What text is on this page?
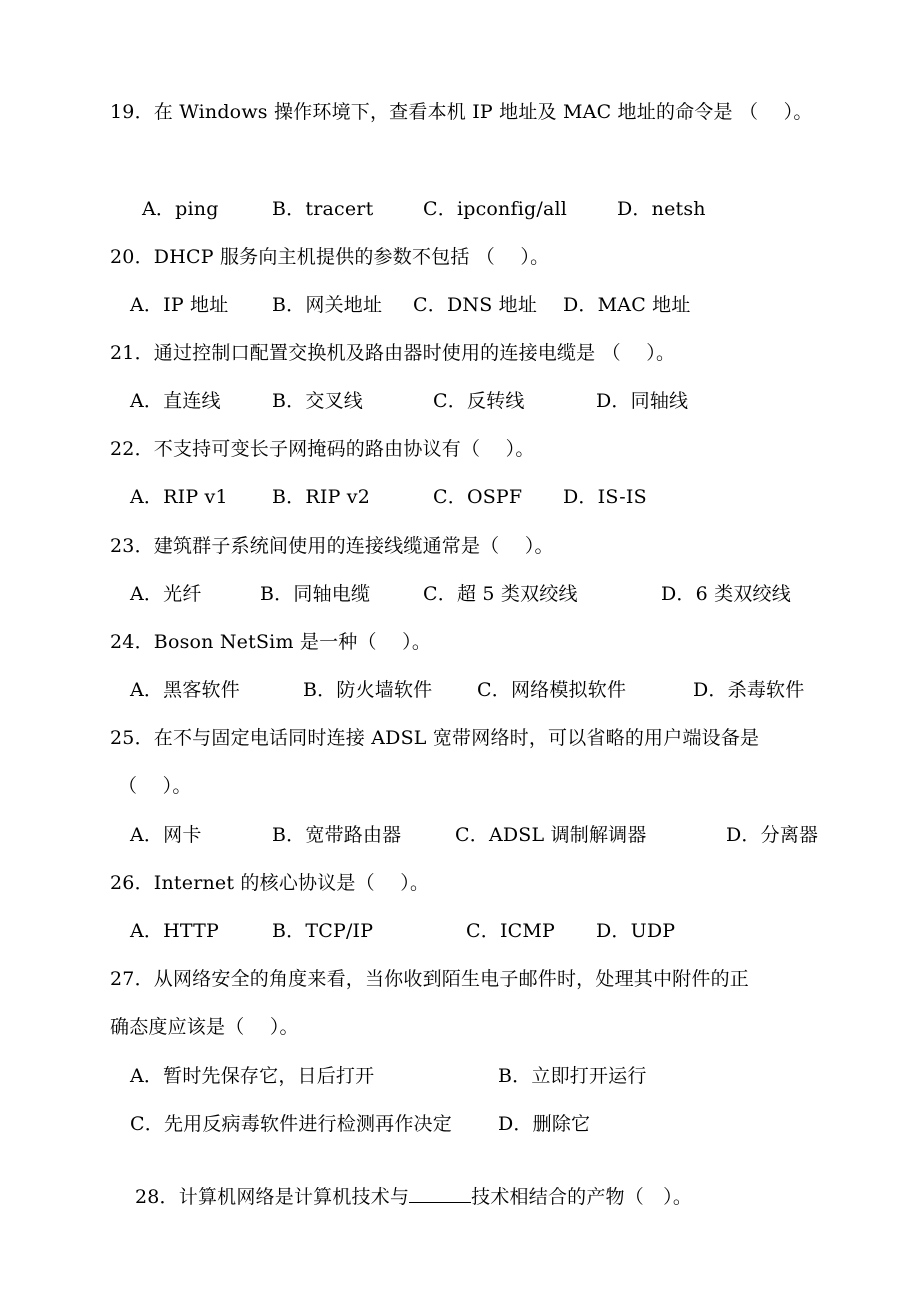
19．在 Windows 操作环境下，查看本机 IP 地址及 MAC 地址的命令是 （　 ）。
A．ping	B．tracert	C．ipconfig/all	D．netsh
20．DHCP 服务向主机提供的参数不包括 （　 ）。
A．IP 地址 B．网关地址 C．DNS 地址 D．MAC 地址
21．通过控制口配置交换机及路由器时使用的连接电缆是 （　 ）。
A．直连线	B．交叉线	C．反转线	D．同轴线
22．不支持可变长子网掩码的路由协议有（　 ）。
A．RIP v1 B．RIP v2	C．OSPF D．IS-IS
23．建筑群子系统间使用的连接线缆通常是（　 ）。
A．光纤	B．同轴电缆	C．超 5 类双绞线	D．6 类双绞线
24．Boson NetSim 是一种（　 ）。
A．黑客软件	B．防火墙软件 C．网络模拟软件	D．杀毒软件
25．在不与固定电话同时连接 ADSL 宽带网络时，可以省略的用户端设备是
（　 ）。
A．网卡	B．宽带路由器	C．ADSL 调制解调器	D．分离器
26．Internet 的核心协议是（　 ）。
A．HTTP	B．TCP/IP	C．ICMP D．UDP
27．从网络安全的角度来看，当你收到陌生电子邮件时，处理其中附件的正
确态度应该是（　 ）。
A．暂时先保存它，日后打开	B．立即打开运行
C．先用反病毒软件进行检测再作决定 D．删除它

28．计算机网络是计算机技术与	技术相结合的产物（　）。
